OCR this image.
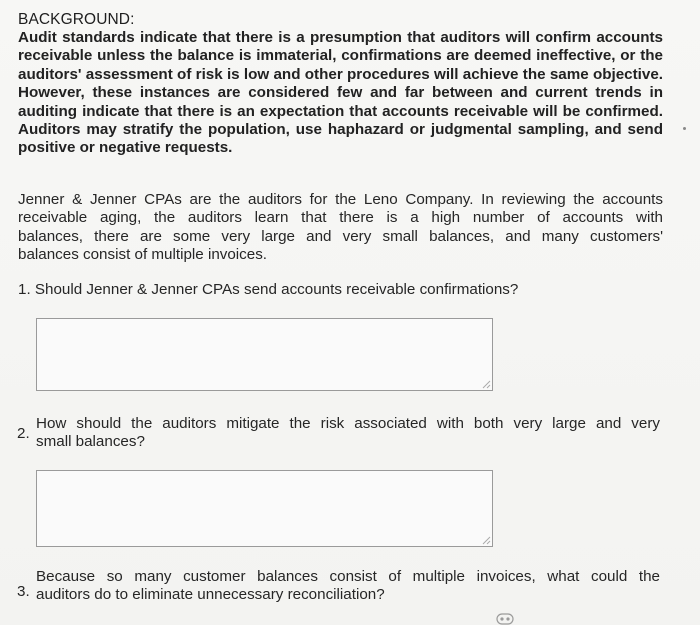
BACKGROUND:
Audit standards indicate that there is a presumption that auditors will confirm accounts
receivable unless the balance is immaterial, confirmations are deemed ineffective, or the
auditors' assessment of risk is low and other procedures will achieve the same objective.
However, these instances are considered few and far between and current trends in
auditing indicate that there is an expectation that accounts receivable will be confirmed.
Auditors may stratify the population, use haphazard or judgmental sampling, and send
positive or negative requests.
Jenner & Jenner CPAs are the auditors for the Leno Company. In reviewing the accounts
receivable aging, the auditors learn that there is a high number of accounts with
balances, there are some very large and very small balances, and many customers'
balances consist of multiple invoices.
1. Should Jenner & Jenner CPAs send accounts receivable confirmations?
2.
How should the auditors mitigate the risk associated with both very large and very
small balances?
3.
Because so many customer balances consist of multiple invoices, what could the
auditors do to eliminate unnecessary reconciliation?
